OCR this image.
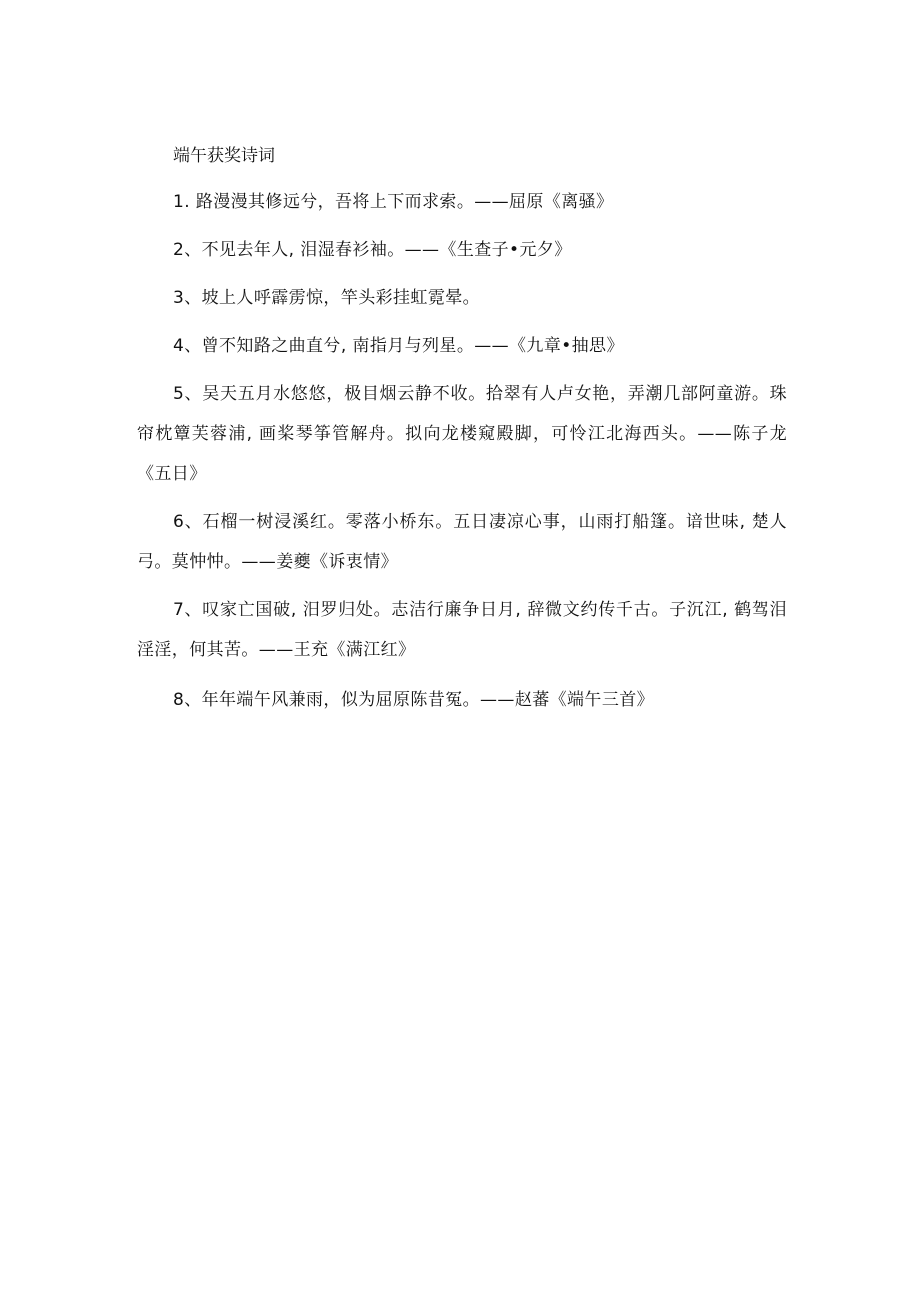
端午获奖诗词

1. 路漫漫其修远兮，吾将上下而求索。——屈原《离骚》

2、不见去年人, 泪湿春衫袖。——《生查子•元夕》

3、坡上人呼霹雳惊，竿头彩挂虹霓晕。

4、曾不知路之曲直兮, 南指月与列星。——《九章•抽思》

5、吴天五月水悠悠，极目烟云静不收。拾翠有人卢女艳，弄潮几部阿童游。珠帘枕簟芙蓉浦, 画桨琴筝管解舟。拟向龙楼窥殿脚，可怜江北海西头。——陈子龙《五日》

6、石榴一树浸溪红。零落小桥东。五日凄凉心事，山雨打船篷。谙世味, 楚人弓。莫忡忡。——姜夔《诉衷情》

7、叹家亡国破, 汨罗归处。志洁行廉争日月, 辞微文约传千古。子沉江, 鹤驾泪淫淫，何其苦。——王充《满江红》

8、年年端午风兼雨，似为屈原陈昔冤。——赵蕃《端午三首》
